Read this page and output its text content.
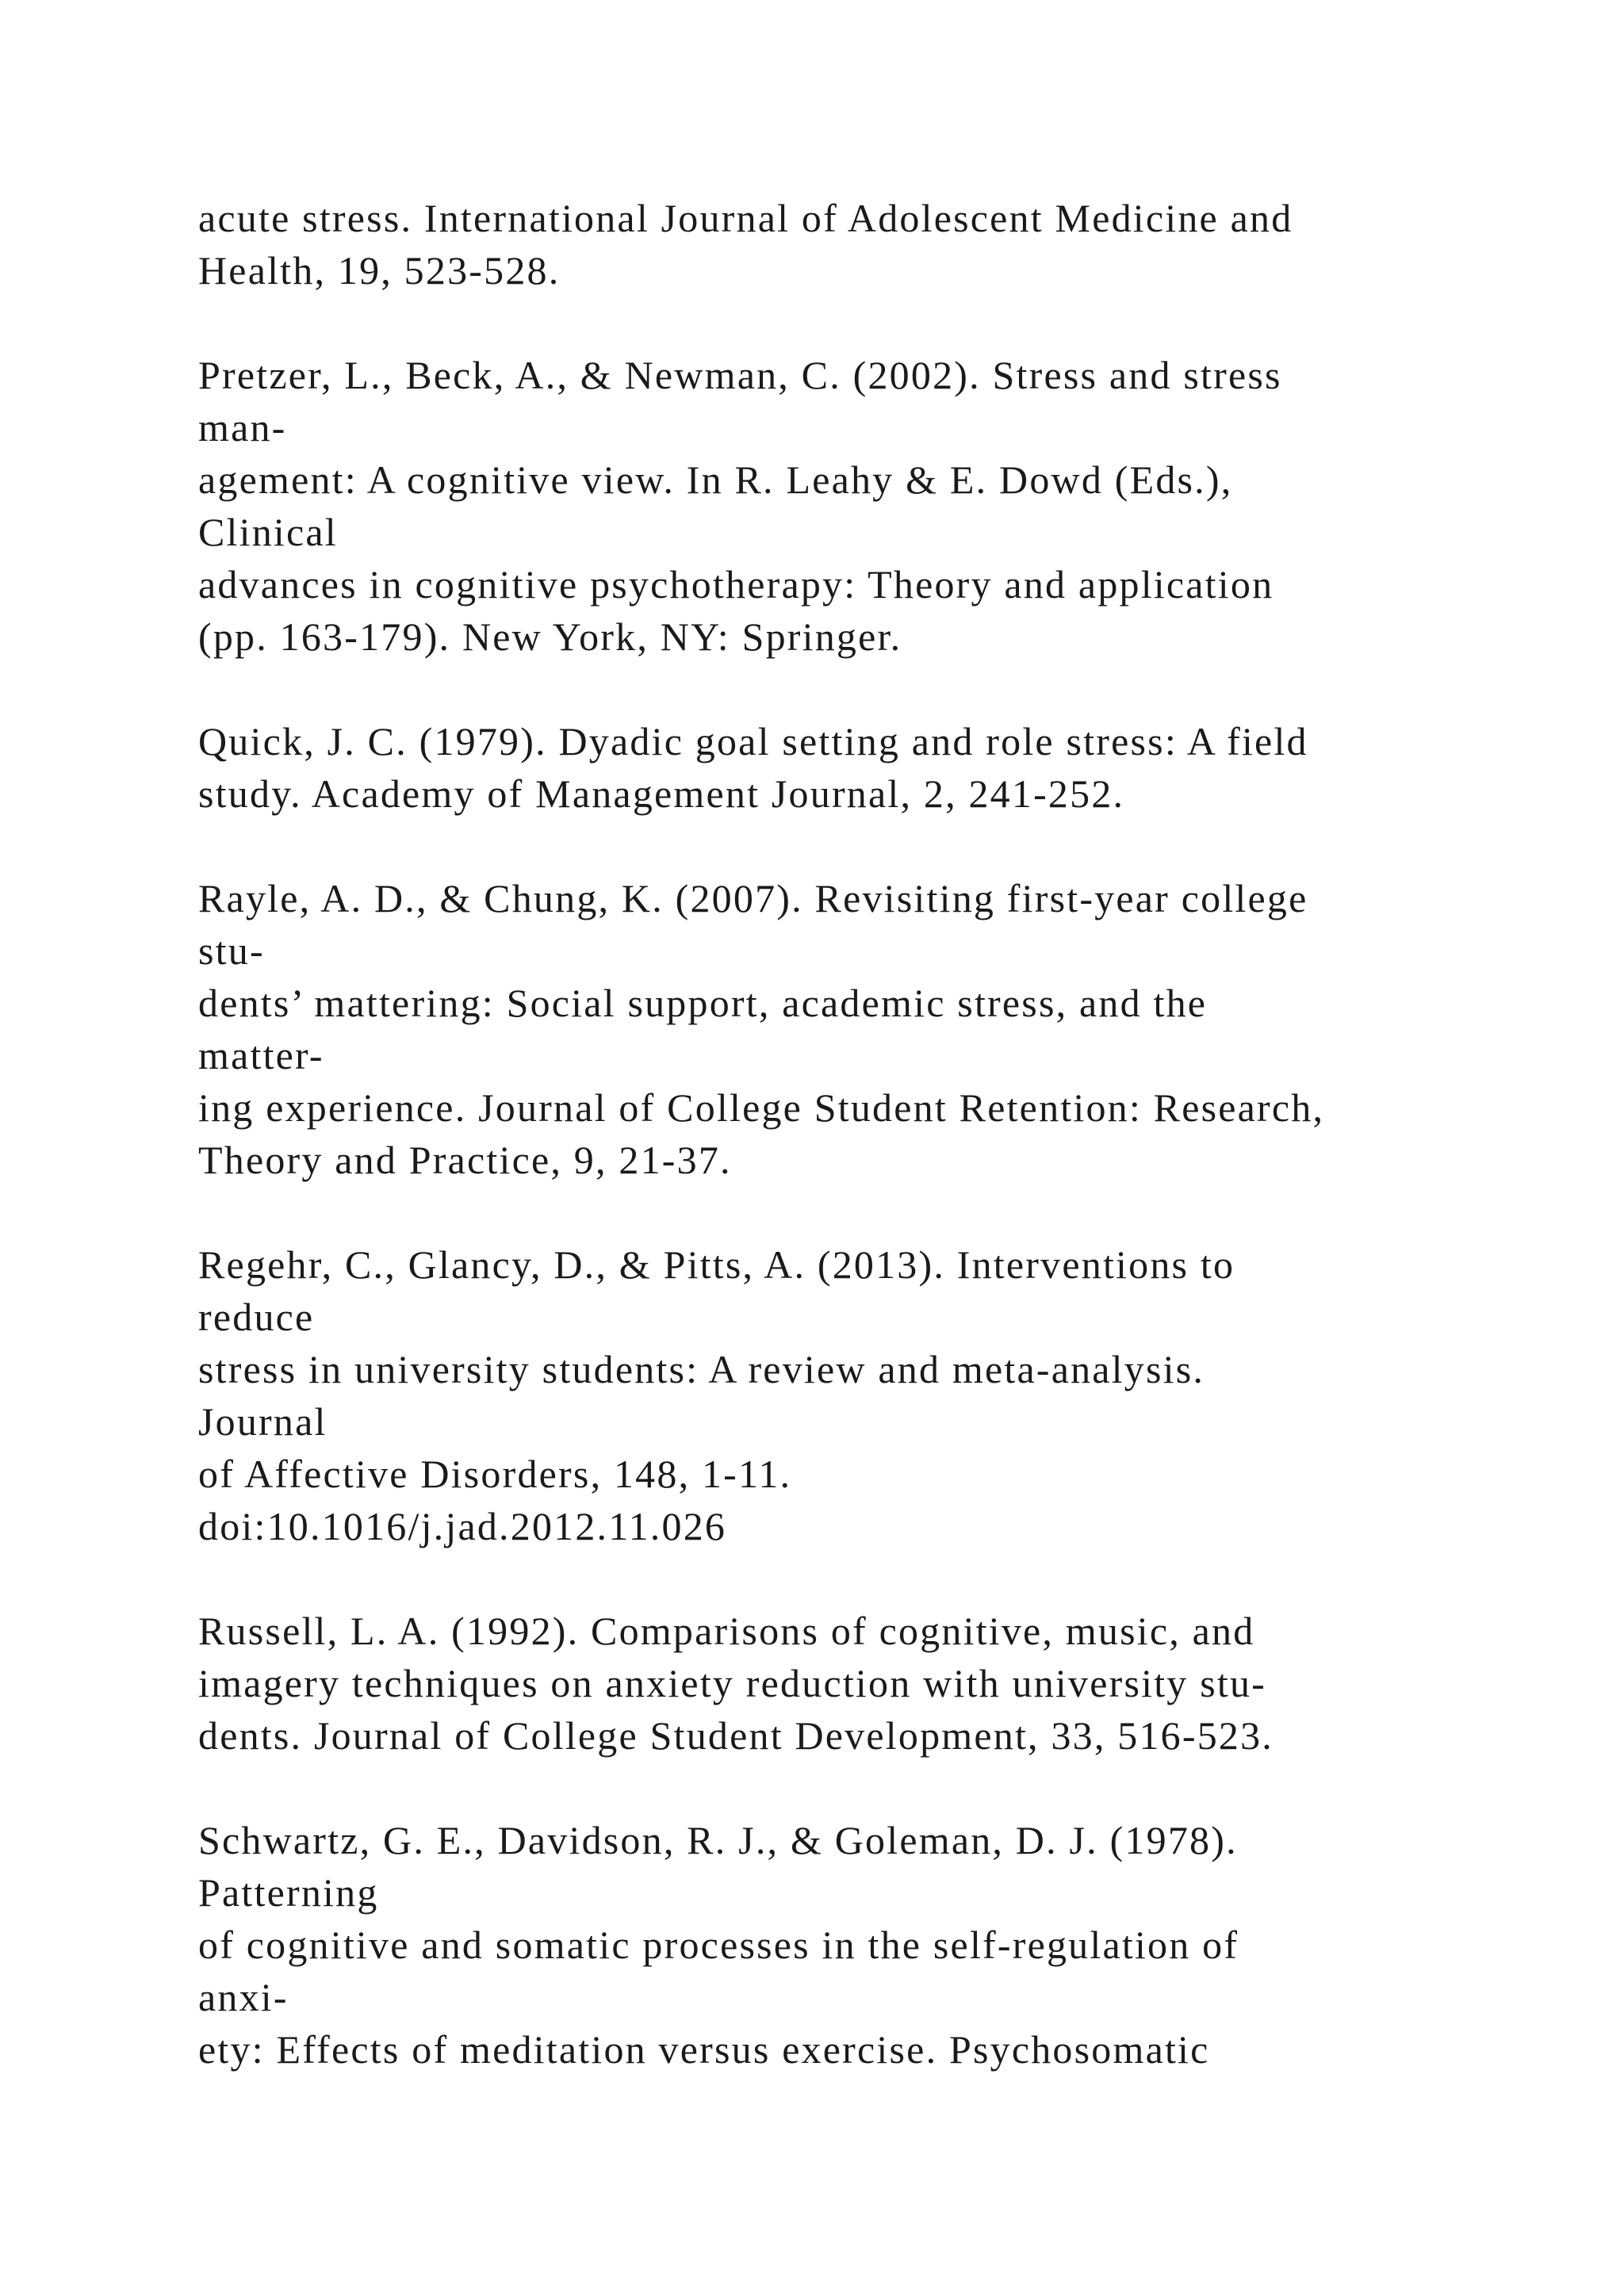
acute stress. International Journal of Adolescent Medicine and
Health, 19, 523-528.
Pretzer, L., Beck, A., & Newman, C. (2002). Stress and stress
man-
agement: A cognitive view. In R. Leahy & E. Dowd (Eds.),
Clinical
advances in cognitive psychotherapy: Theory and application
(pp. 163-179). New York, NY: Springer.
Quick, J. C. (1979). Dyadic goal setting and role stress: A field
study. Academy of Management Journal, 2, 241-252.
Rayle, A. D., & Chung, K. (2007). Revisiting first-year college
stu-
dents’ mattering: Social support, academic stress, and the
matter-
ing experience. Journal of College Student Retention: Research,
Theory and Practice, 9, 21-37.
Regehr, C., Glancy, D., & Pitts, A. (2013). Interventions to
reduce
stress in university students: A review and meta-analysis.
Journal
of Affective Disorders, 148, 1-11.
doi:10.1016/j.jad.2012.11.026
Russell, L. A. (1992). Comparisons of cognitive, music, and
imagery techniques on anxiety reduction with university stu-
dents. Journal of College Student Development, 33, 516-523.
Schwartz, G. E., Davidson, R. J., & Goleman, D. J. (1978).
Patterning
of cognitive and somatic processes in the self-regulation of
anxi-
ety: Effects of meditation versus exercise. Psychosomatic
